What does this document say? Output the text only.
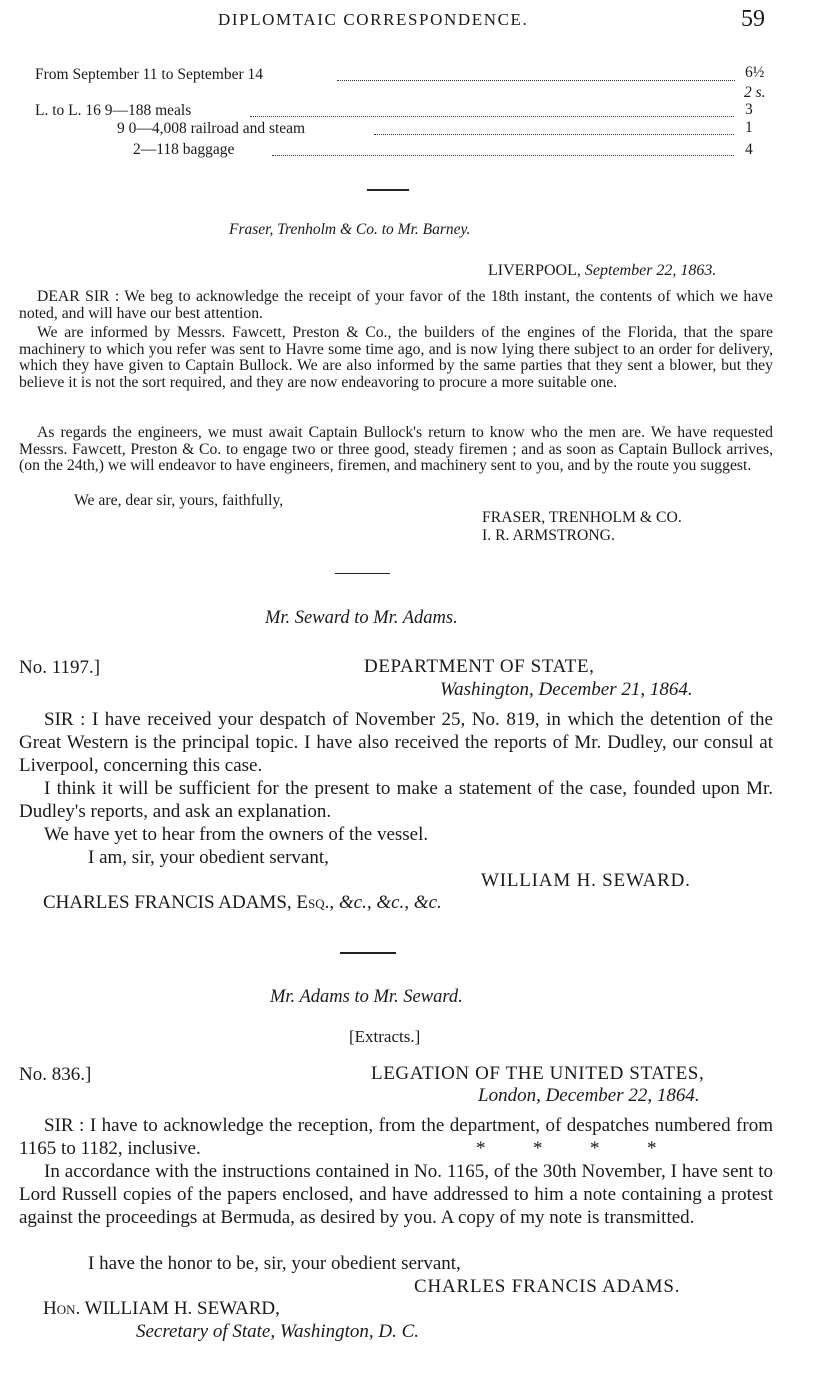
DIPLOMTAIC CORRESPONDENCE.	59
From September 11 to September 14	6½
2 s.
L. to L. 16 9—188 meals	3
9 0—4,008 railroad and steam	1
2—118 baggage	4
Fraser, Trenholm & Co. to Mr. Barney.
LIVERPOOL, September 22, 1863.
DEAR SIR : We beg to acknowledge the receipt of your favor of the 18th instant, the contents of which we have noted, and will have our best attention.
We are informed by Messrs. Fawcett, Preston & Co., the builders of the engines of the Florida, that the spare machinery to which you refer was sent to Havre some time ago, and is now lying there subject to an order for delivery, which they have given to Captain Bullock. We are also informed by the same parties that they sent a blower, but they believe it is not the sort required, and they are now endeavoring to procure a more suitable one.
As regards the engineers, we must await Captain Bullock's return to know who the men are. We have requested Messrs. Fawcett, Preston & Co. to engage two or three good, steady firemen ; and as soon as Captain Bullock arrives, (on the 24th,) we will endeavor to have engineers, firemen, and machinery sent to you, and by the route you suggest.
We are, dear sir, yours, faithfully,
FRASER, TRENHOLM & CO.
I. R. ARMSTRONG.
Mr. Seward to Mr. Adams.
No. 1197.]	DEPARTMENT OF STATE,
Washington, December 21, 1864.
SIR : I have received your despatch of November 25, No. 819, in which the detention of the Great Western is the principal topic. I have also received the reports of Mr. Dudley, our consul at Liverpool, concerning this case.
I think it will be sufficient for the present to make a statement of the case, founded upon Mr. Dudley's reports, and ask an explanation.
We have yet to hear from the owners of the vessel.
I am, sir, your obedient servant,
WILLIAM H. SEWARD.
CHARLES FRANCIS ADAMS, Esq., &c., &c., &c.
Mr. Adams to Mr. Seward.
[Extracts.]
No. 836.]	LEGATION OF THE UNITED STATES,
London, December 22, 1864.
SIR : I have to acknowledge the reception, from the department, of despatches numbered from 1165 to 1182, inclusive.	*          *          *          *
In accordance with the instructions contained in No. 1165, of the 30th November, I have sent to Lord Russell copies of the papers enclosed, and have addressed to him a note containing a protest against the proceedings at Bermuda, as desired by you. A copy of my note is transmitted.
I have the honor to be, sir, your obedient servant,
CHARLES FRANCIS ADAMS.
Hon. WILLIAM H. SEWARD,
Secretary of State, Washington, D. C.
